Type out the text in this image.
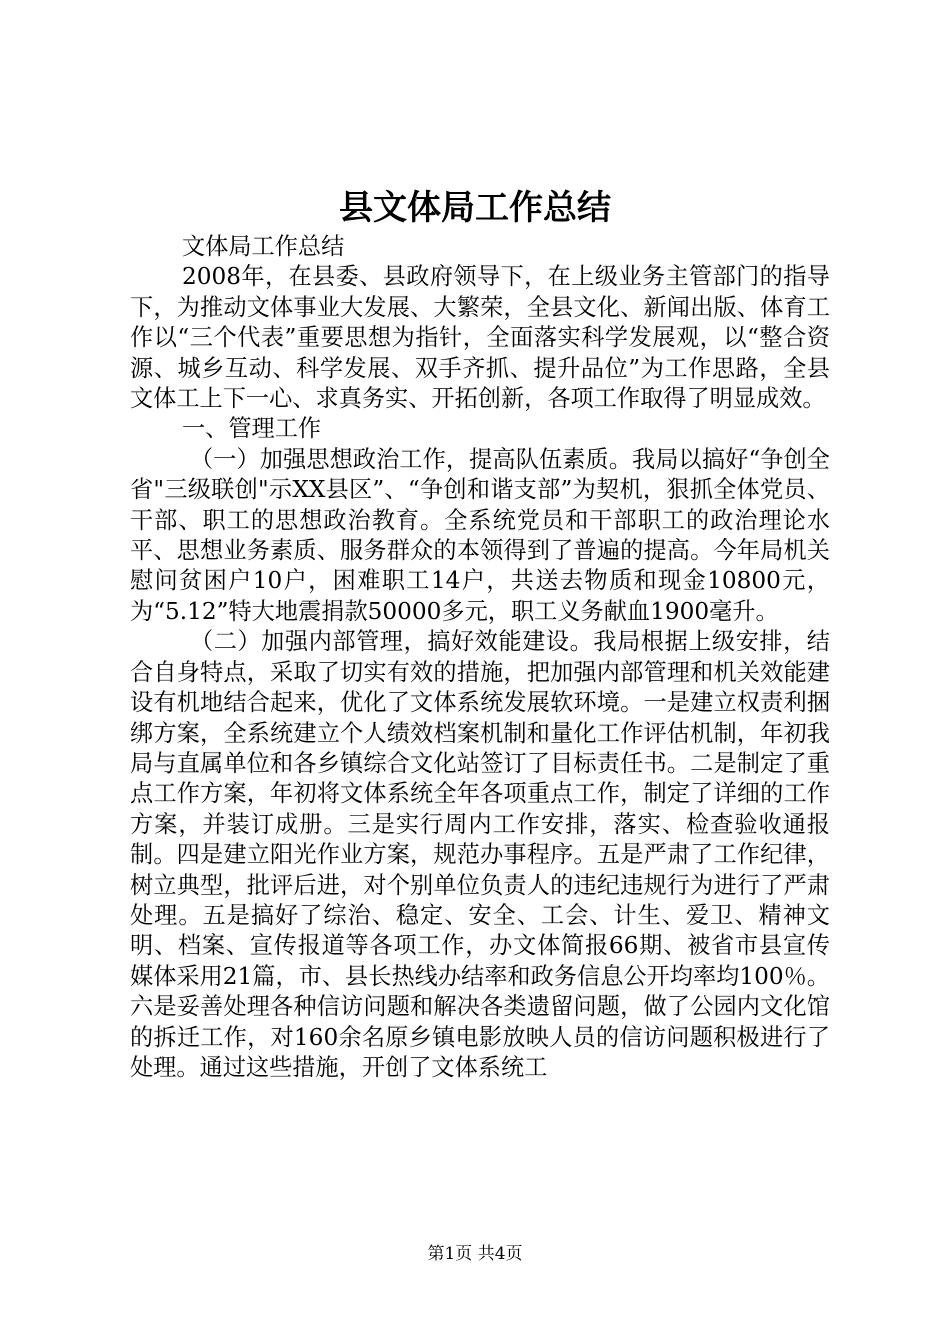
县文体局工作总结

文体局工作总结

2008年，在县委、县政府领导下，在上级业务主管部门的指导下，为推动文体事业大发展、大繁荣，全县文化、新闻出版、体育工作以“三个代表”重要思想为指针，全面落实科学发展观，以“整合资源、城乡互动、科学发展、双手齐抓、提升品位”为工作思路，全县文体工上下一心、求真务实、开拓创新，各项工作取得了明显成效。

一、管理工作

（一）加强思想政治工作，提高队伍素质。我局以搞好“争创全省"三级联创"示XX县区”、“争创和谐支部”为契机，狠抓全体党员、干部、职工的思想政治教育。全系统党员和干部职工的政治理论水平、思想业务素质、服务群众的本领得到了普遍的提高。今年局机关慰问贫困户10户，困难职工14户，共送去物质和现金10800元，为“5.12”特大地震捐款50000多元，职工义务献血1900毫升。

（二）加强内部管理，搞好效能建设。我局根据上级安排，结合自身特点，采取了切实有效的措施，把加强内部管理和机关效能建设有机地结合起来，优化了文体系统发展软环境。一是建立权责利捆绑方案，全系统建立个人绩效档案机制和量化工作评估机制，年初我局与直属单位和各乡镇综合文化站签订了目标责任书。二是制定了重点工作方案，年初将文体系统全年各项重点工作，制定了详细的工作方案，并装订成册。三是实行周内工作安排，落实、检查验收通报制。四是建立阳光作业方案，规范办事程序。五是严肃了工作纪律，树立典型，批评后进，对个别单位负责人的违纪违规行为进行了严肃处理。五是搞好了综治、稳定、安全、工会、计生、爱卫、精神文明、档案、宣传报道等各项工作，办文体简报66期、被省市县宣传媒体采用21篇，市、县长热线办结率和政务信息公开均率均100％。六是妥善处理各种信访问题和解决各类遗留问题，做了公园内文化馆的拆迁工作，对160余名原乡镇电影放映人员的信访问题积极进行了处理。通过这些措施，开创了文体系统工

第1页 共4页
